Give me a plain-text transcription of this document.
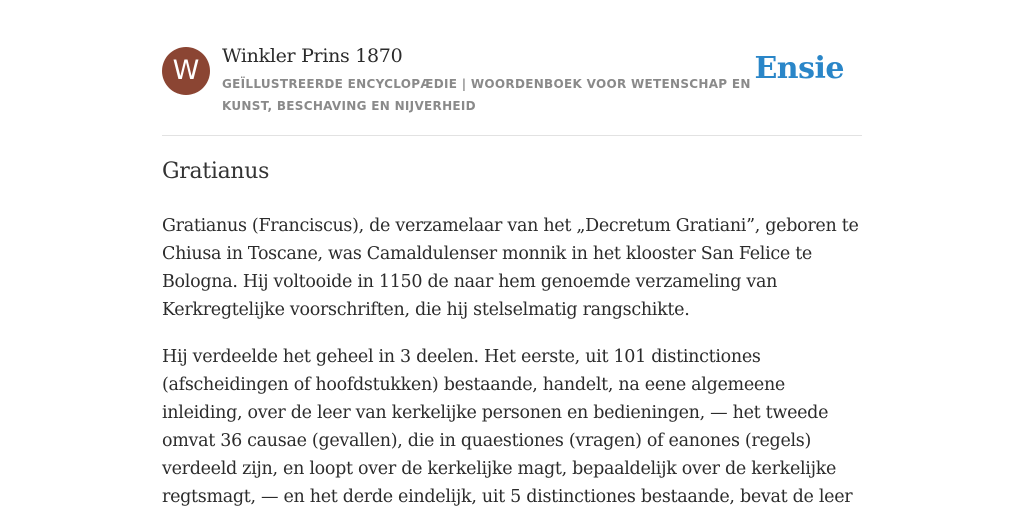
W	Winkler Prins 1870
GEÏLLUSTREERDE ENCYCLOPÆDIE | WOORDENBOEK VOOR WETENSCHAP EN KUNST, BESCHAVING EN NIJVERHEID
Ensie
Gratianus

Gratianus (Franciscus), de verzamelaar van het „Decretum Gratiani”, geboren te Chiusa in Toscane, was Camaldulenser monnik in het klooster San Felice te Bologna. Hij voltooide in 1150 de naar hem genoemde verzameling van Kerkregtelijke voorschriften, die hij stelselmatig rangschikte.

Hij verdeelde het geheel in 3 deelen. Het eerste, uit 101 distinctiones (afscheidingen of hoofdstukken) bestaande, handelt, na eene algemeene inleiding, over de leer van kerkelijke personen en bedieningen, — het tweede omvat 36 causae (gevallen), die in quaestiones (vragen) of eanones (regels) verdeeld zijn, en loopt over de kerkelijke magt, bepaaldelijk over de kerkelijke regtsmagt, — en het derde eindelijk, uit 5 distinctiones bestaande, bevat de leer
